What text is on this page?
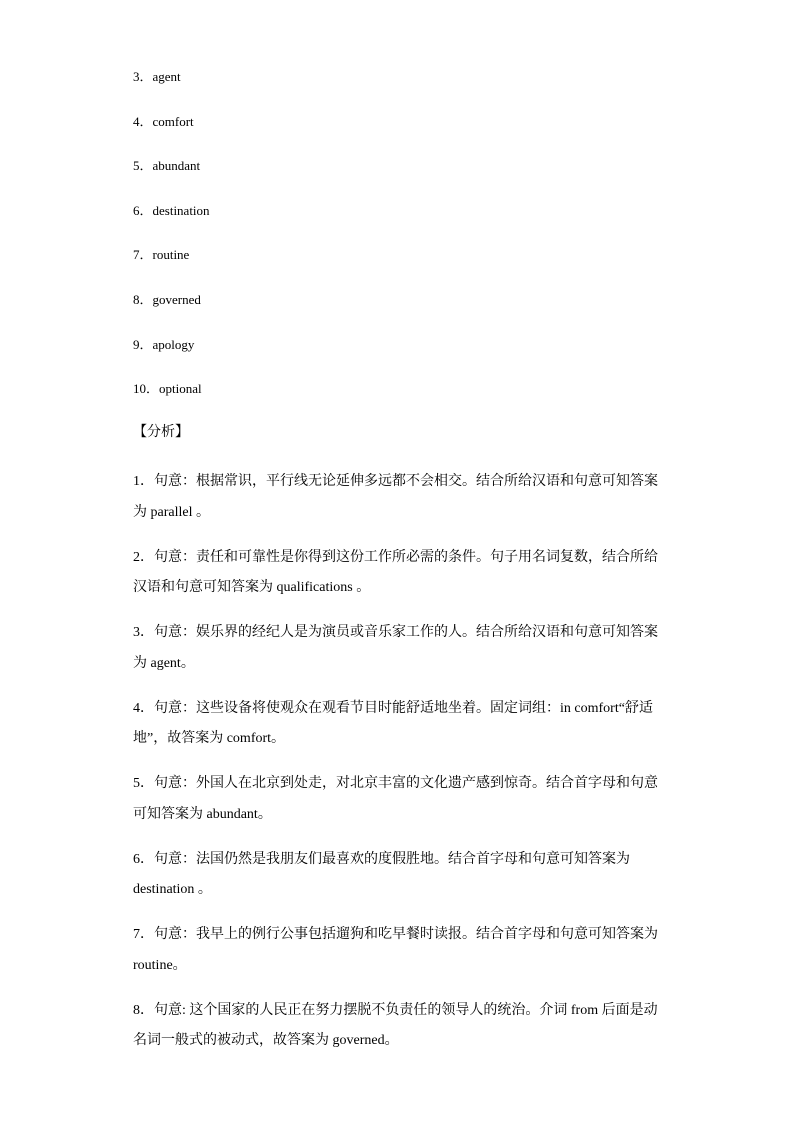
3．agent
4．comfort
5．abundant
6．destination
7．routine
8．governed
9．apology
10．optional
【分析】
1．句意：根据常识，平行线无论延伸多远都不会相交。结合所给汉语和句意可知答案为 parallel 。
2．句意：责任和可靠性是你得到这份工作所必需的条件。句子用名词复数，结合所给汉语和句意可知答案为 qualifications 。
3．句意：娱乐界的经纪人是为演员或音乐家工作的人。结合所给汉语和句意可知答案为 agent。
4．句意：这些设备将使观众在观看节目时能舒适地坐着。固定词组：in comfort“舒适地”，故答案为 comfort。
5．句意：外国人在北京到处走，对北京丰富的文化遗产感到惊奇。结合首字母和句意可知答案为 abundant。
6．句意：法国仍然是我朋友们最喜欢的度假胜地。结合首字母和句意可知答案为 destination 。
7．句意：我早上的例行公事包括遛狗和吃早餐时读报。结合首字母和句意可知答案为 routine。
8．句意: 这个国家的人民正在努力摆脱不负责任的领导人的统治。介词 from 后面是动名词一般式的被动式，故答案为 governed。
